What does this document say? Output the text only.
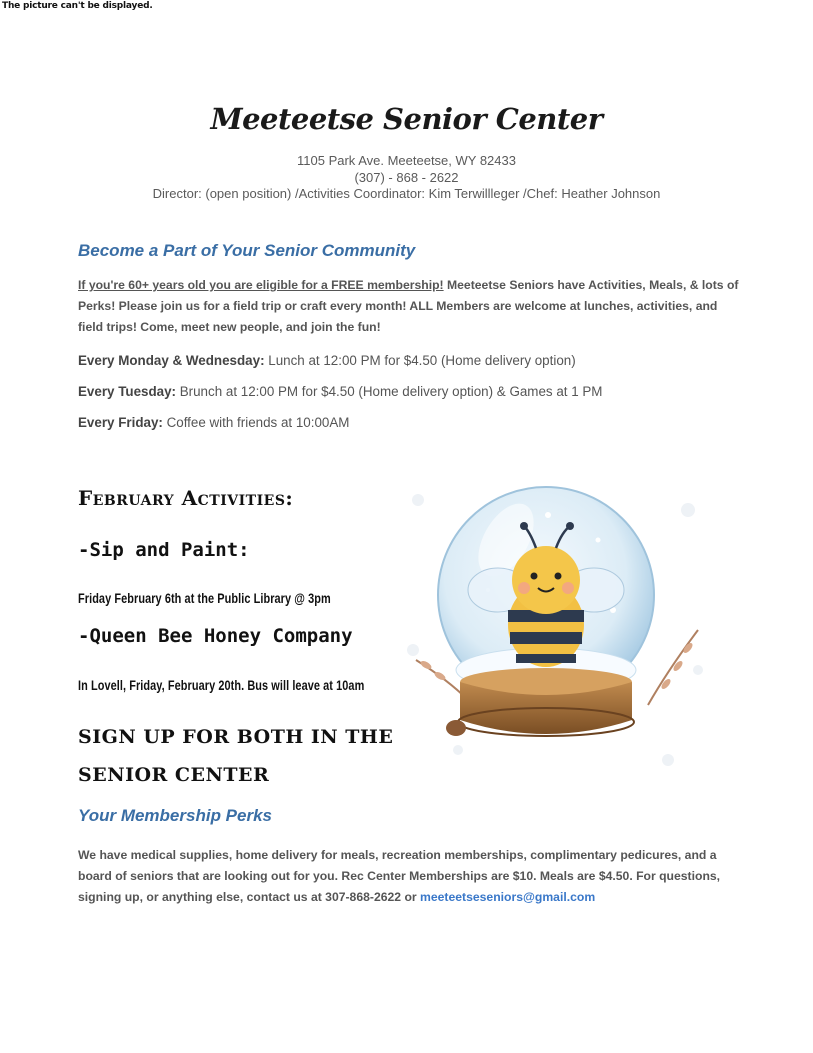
The picture can't be displayed.
Meeteetse Senior Center
1105 Park Ave. Meeteetse, WY 82433
(307) - 868 - 2622
Director: (open position) /Activities Coordinator: Kim Terwillleger /Chef: Heather Johnson
Become a Part of Your Senior Community
If you're 60+ years old you are eligible for a FREE membership! Meeteetse Seniors have Activities, Meals, & lots of Perks! Please join us for a field trip or craft every month! ALL Members are welcome at lunches, activities, and field trips! Come, meet new people, and join the fun!
Every Monday & Wednesday: Lunch at 12:00 PM for $4.50 (Home delivery option)
Every Tuesday: Brunch at 12:00 PM for $4.50 (Home delivery option) & Games at 1 PM
Every Friday: Coffee with friends at 10:00AM
February Activities:
-Sip and Paint:
Friday February 6th at the Public Library @ 3pm
-Queen Bee Honey Company
In Lovell, Friday, February 20th. Bus will leave at 10am
SIGN UP FOR BOTH IN THE
SENIOR CENTER
Your Membership Perks
We have medical supplies, home delivery for meals, recreation memberships, complimentary pedicures, and a board of seniors that are looking out for you. Rec Center Memberships are $10. Meals are $4.50. For questions, signing up, or anything else, contact us at 307-868-2622 or meeteetseseniors@gmail.com
